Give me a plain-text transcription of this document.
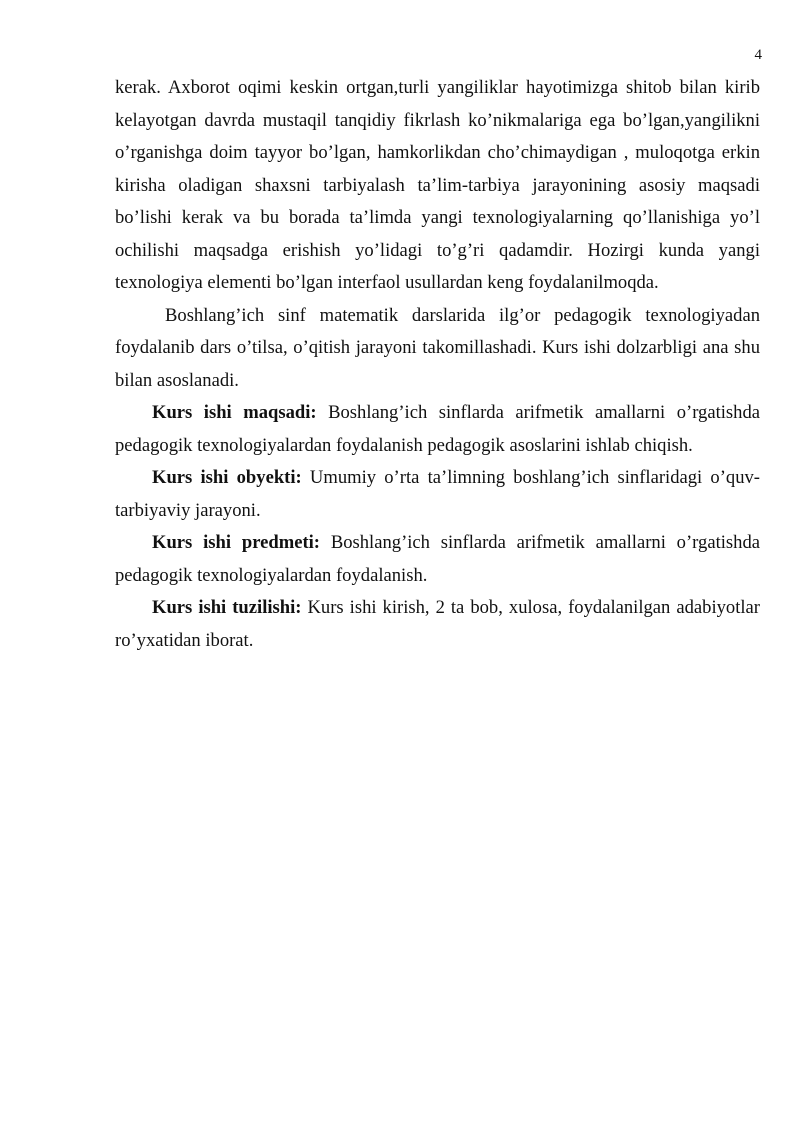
4

kerak. Axborot oqimi keskin ortgan,turli yangiliklar hayotimizga shitob bilan kirib kelayotgan davrda mustaqil tanqidiy fikrlash ko’nikmalariga ega bo’lgan,yangilikni o’rganishga doim tayyor bo’lgan, hamkorlikdan cho’chimaydigan , muloqotga erkin kirisha oladigan shaxsni tarbiyalash ta’lim-tarbiya jarayonining asosiy maqsadi bo’lishi kerak va bu borada ta’limda yangi texnologiyalarning qo’llanishiga yo’l ochilishi maqsadga erishish yo’lidagi to’g’ri qadamdir. Hozirgi kunda yangi texnologiya elementi bo’lgan interfaol usullardan keng foydalanilmoqda.

Boshlang’ich sinf matematik darslarida ilg’or pedagogik texnologiyadan foydalanib dars o’tilsa, o’qitish jarayoni takomillashadi. Kurs ishi dolzarbligi ana shu bilan asoslanadi.

Kurs ishi maqsadi: Boshlang’ich sinflarda arifmetik amallarni o’rgatishda pedagogik texnologiyalardan foydalanish pedagogik asoslarini ishlab chiqish.

Kurs ishi obyekti: Umumiy o’rta ta’limning boshlang’ich sinflaridagi o’quv-tarbiyaviy jarayoni.

Kurs ishi predmeti: Boshlang’ich sinflarda arifmetik amallarni o’rgatishda pedagogik texnologiyalardan foydalanish.

Kurs ishi tuzilishi: Kurs ishi kirish, 2 ta bob, xulosa, foydalanilgan adabiyotlar ro’yxatidan iborat.
